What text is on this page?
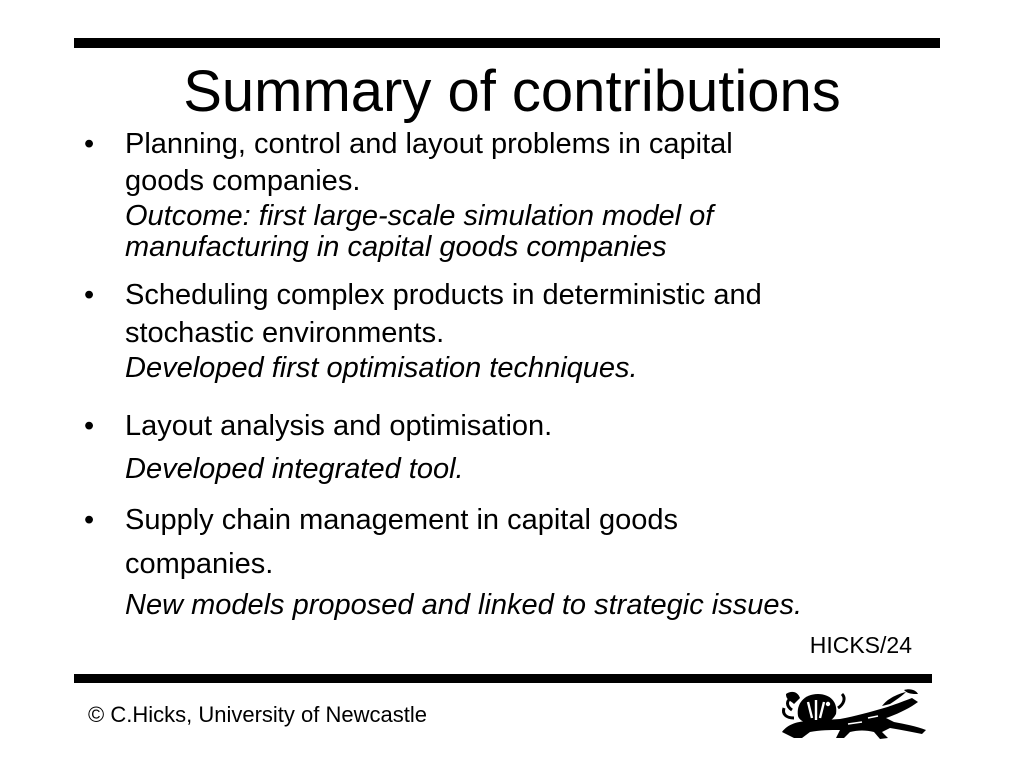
Summary of contributions
•	Planning, control and layout problems in capital
goods companies.
Outcome: first large-scale simulation model of
manufacturing in capital goods companies
•	Scheduling complex products in deterministic and
stochastic environments.
Developed first optimisation techniques.
•	Layout analysis and optimisation.
Developed integrated tool.
•	Supply chain management in capital goods
companies.
New models proposed and linked to strategic issues.
HICKS/24
© C.Hicks, University of Newcastle
